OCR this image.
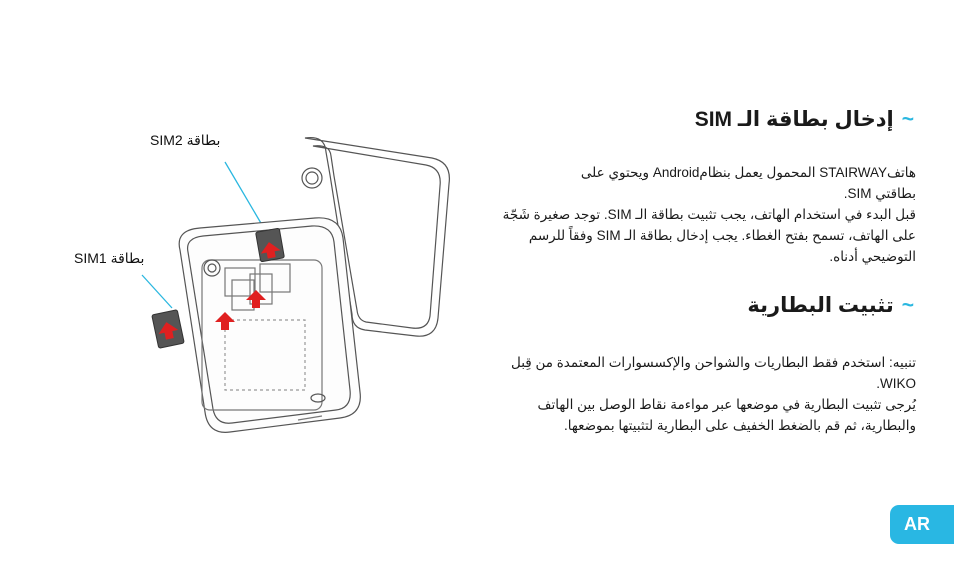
بطاقة SIM2
بطاقة SIM1
~إدخال بطاقة الـ SIM

هاتفSTAIRWAY المحمول يعمل بنظامAndroid ويحتوي على

بطاقتي SIM.

قبل البدء في استخدام الهاتف، يجب تثبيت بطاقة الـ SIM. توجد صغيرة شَجّة

على الهاتف، تسمح بفتح الغطاء. يجب إدخال بطاقة الـ SIM وفقاً للرسم

التوضيحي أدناه.

~تثبيت البطارية

تنبيه: استخدم فقط البطاريات والشواحن والإكسسوارات المعتمدة من قِبل WIKO.

يُرجى تثبيت البطارية في موضعها عبر مواءمة نقاط الوصل بين الهاتف

والبطارية، ثم قم بالضغط الخفيف على البطارية لتثبيتها بموضعها.

AR
